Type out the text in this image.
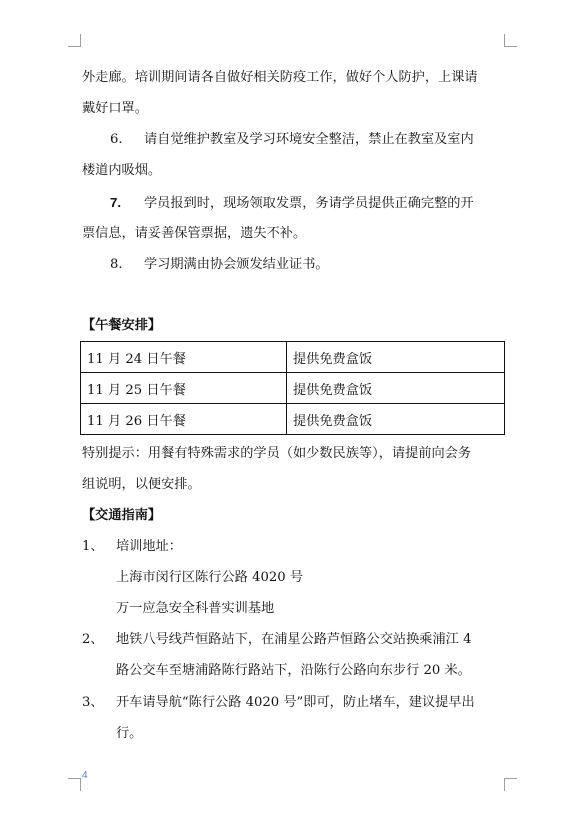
外走廊。培训期间请各自做好相关防疫工作，做好个人防护，上课请
戴好口罩。
6. 请自觉维护教室及学习环境安全整洁，禁止在教室及室内
楼道内吸烟。
7. 学员报到时，现场领取发票，务请学员提供正确完整的开
票信息，请妥善保管票据，遗失不补。
8. 学习期满由协会颁发结业证书。
【午餐安排】
11 月 24 日午餐	提供免费盒饭
11 月 25 日午餐	提供免费盒饭
11 月 26 日午餐	提供免费盒饭
特别提示：用餐有特殊需求的学员（如少数民族等），请提前向会务
组说明，以便安排。
【交通指南】
1、 培训地址：
上海市闵行区陈行公路 4020 号
万一应急安全科普实训基地
2、 地铁八号线芦恒路站下，在浦星公路芦恒路公交站换乘浦江 4
路公交车至塘浦路陈行路站下，沿陈行公路向东步行 20 米。
3、 开车请导航“陈行公路 4020 号”即可，防止堵车，建议提早出
行。
4
